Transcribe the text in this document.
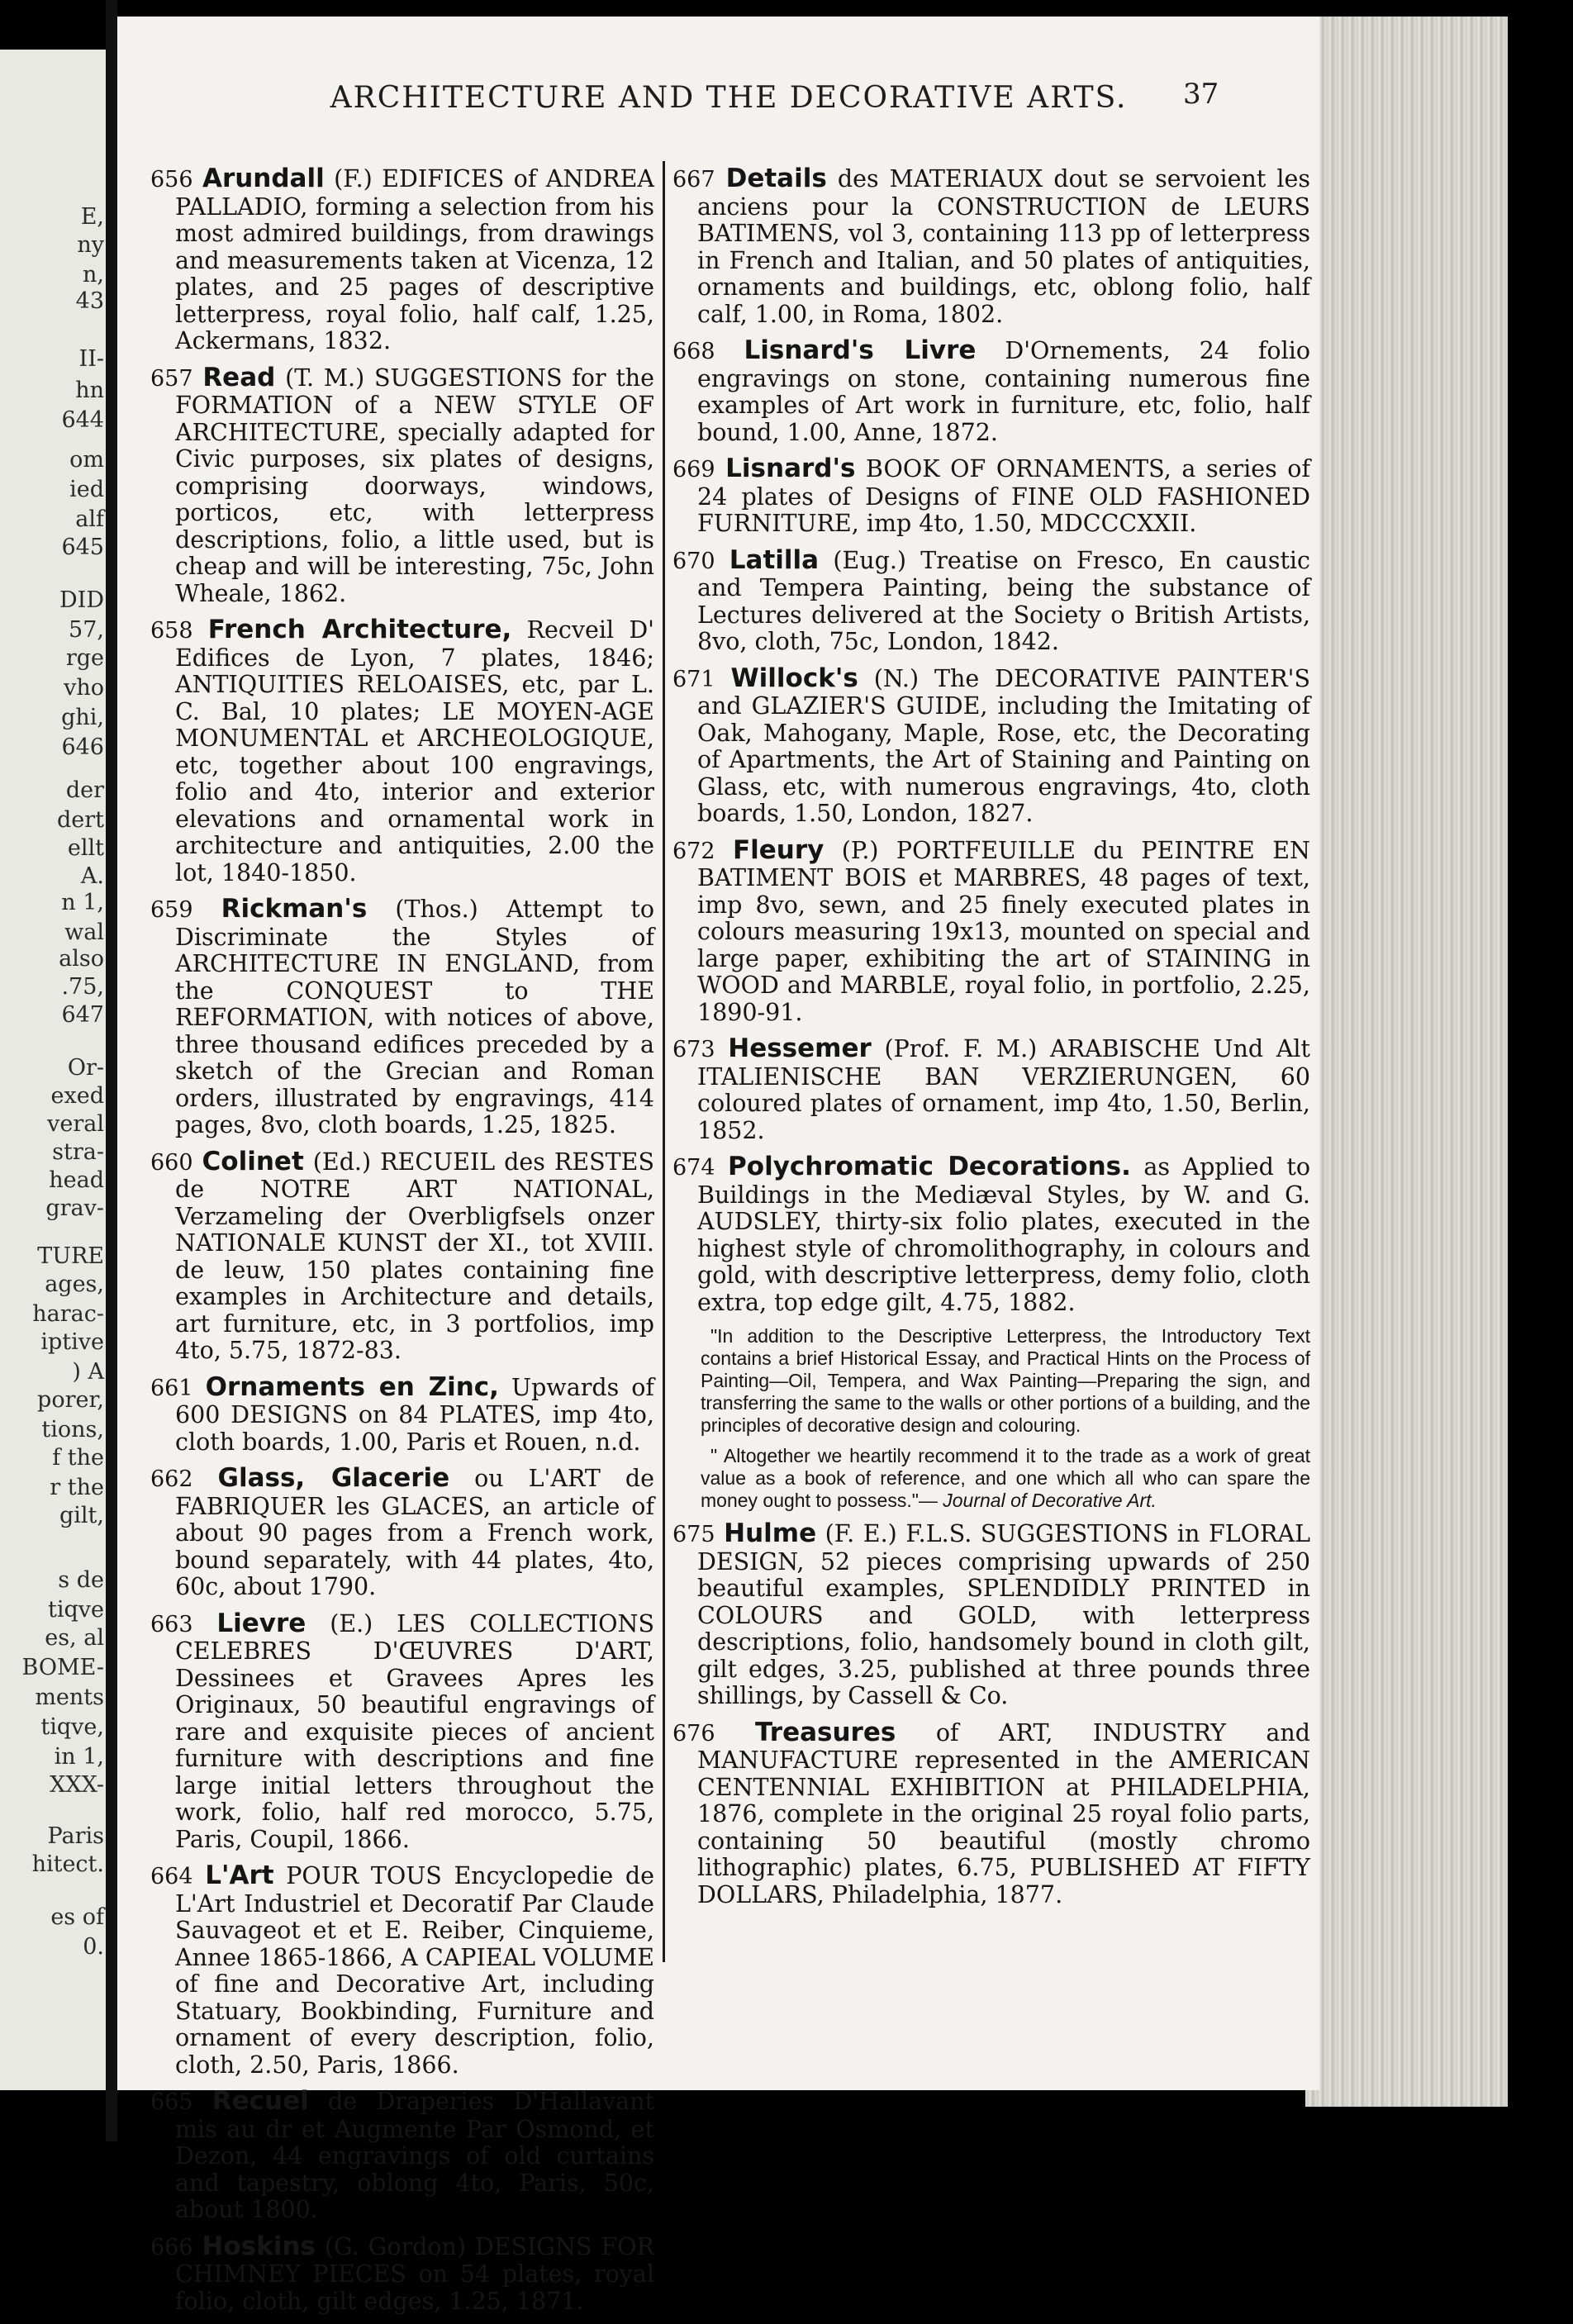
E,
ny
n,
43
II-
hn
644
om
ied
alf
645
DID
57,
rge
vho
ghi,
646
der
dert
ellt
A.
n 1,
wal
also
.75,
647
Or-
exed
veral
stra-
head
grav-
TURE
ages,
harac-
iptive
) A
porer,
tions,
f the
r the
gilt,
s de
tiqve
es, al
BOME-
ments
tiqve,
in 1,
XXX-
Paris
hitect.
es of
0.
ARCHITECTURE AND THE DECORATIVE ARTS.	37

656 Arundall (F.) EDIFICES of ANDREA PALLADIO, forming a selection from his most admired buildings, from drawings and measurements taken at Vicenza, 12 plates, and 25 pages of descriptive letterpress, royal folio, half calf, 1.25, Ackermans, 1832.

657 Read (T. M.) SUGGESTIONS for the FORMATION of a NEW STYLE OF ARCHITECTURE, specially adapted for Civic purposes, six plates of designs, comprising doorways, windows, porticos, etc, with letterpress descriptions, folio, a little used, but is cheap and will be interesting, 75c, John Wheale, 1862.

658 French Architecture, Recveil D' Edifices de Lyon, 7 plates, 1846; ANTIQUITIES RELOAISES, etc, par L. C. Bal, 10 plates; LE MOYEN-AGE MONUMENTAL et ARCHEOLOGIQUE, etc, together about 100 engravings, folio and 4to, interior and exterior elevations and ornamental work in architecture and antiquities, 2.00 the lot, 1840-1850.

659 Rickman's (Thos.) Attempt to Discriminate the Styles of ARCHITECTURE IN ENGLAND, from the CONQUEST to THE REFORMATION, with notices of above, three thousand edifices preceded by a sketch of the Grecian and Roman orders, illustrated by engravings, 414 pages, 8vo, cloth boards, 1.25, 1825.

660 Colinet (Ed.) RECUEIL des RESTES de NOTRE ART NATIONAL, Verzameling der Overbligfsels onzer NATIONALE KUNST der XI., tot XVIII. de leuw, 150 plates containing fine examples in Architecture and details, art furniture, etc, in 3 portfolios, imp 4to, 5.75, 1872-83.

661 Ornaments en Zinc, Upwards of 600 DESIGNS on 84 PLATES, imp 4to, cloth boards, 1.00, Paris et Rouen, n.d.

662 Glass, Glacerie ou L'ART de FABRIQUER les GLACES, an article of about 90 pages from a French work, bound separately, with 44 plates, 4to, 60c, about 1790.

663 Lievre (E.) LES COLLECTIONS CELEBRES D'ŒUVRES D'ART, Dessinees et Gravees Apres les Originaux, 50 beautiful engravings of rare and exquisite pieces of ancient furniture with descriptions and fine large initial letters throughout the work, folio, half red morocco, 5.75, Paris, Coupil, 1866.

664 L'Art POUR TOUS Encyclopedie de L'Art Industriel et Decoratif Par Claude Sauvageot et et E. Reiber, Cinquieme, Annee 1865-1866, A CAPIEAL VOLUME of fine and Decorative Art, including Statuary, Bookbinding, Furniture and ornament of every description, folio, cloth, 2.50, Paris, 1866.

665 Recuel de Draperies D'Hallavant mis au dr et Augmente Par Osmond, et Dezon, 44 engravings of old curtains and tapestry, oblong 4to, Paris, 50c, about 1800.

666 Hoskins (G. Gordon) DESIGNS FOR CHIMNEY PIECES on 54 plates, royal folio, cloth, gilt edges, 1.25, 1871.

667 Details des MATERIAUX dout se servoient les anciens pour la CONSTRUCTION de LEURS BATIMENS, vol 3, containing 113 pp of letterpress in French and Italian, and 50 plates of antiquities, ornaments and buildings, etc, oblong folio, half calf, 1.00, in Roma, 1802.

668 Lisnard's Livre D'Ornements, 24 folio engravings on stone, containing numerous fine examples of Art work in furniture, etc, folio, half bound, 1.00, Anne, 1872.

669 Lisnard's BOOK OF ORNAMENTS, a series of 24 plates of Designs of FINE OLD FASHIONED FURNITURE, imp 4to, 1.50, MDCCCXXII.

670 Latilla (Eug.) Treatise on Fresco, En caustic and Tempera Painting, being the substance of Lectures delivered at the Society o British Artists, 8vo, cloth, 75c, London, 1842.

671 Willock's (N.) The DECORATIVE PAINTER'S and GLAZIER'S GUIDE, including the Imitating of Oak, Mahogany, Maple, Rose, etc, the Decorating of Apartments, the Art of Staining and Painting on Glass, etc, with numerous engravings, 4to, cloth boards, 1.50, London, 1827.

672 Fleury (P.) PORTFEUILLE du PEINTRE EN BATIMENT BOIS et MARBRES, 48 pages of text, imp 8vo, sewn, and 25 finely executed plates in colours measuring 19x13, mounted on special and large paper, exhibiting the art of STAINING in WOOD and MARBLE, royal folio, in portfolio, 2.25, 1890-91.

673 Hessemer (Prof. F. M.) ARABISCHE Und Alt ITALIENISCHE BAN VERZIERUNGEN, 60 coloured plates of ornament, imp 4to, 1.50, Berlin, 1852.

674 Polychromatic Decorations. as Applied to Buildings in the Mediæval Styles, by W. and G. AUDSLEY, thirty-six folio plates, executed in the highest style of chromolithography, in colours and gold, with descriptive letterpress, demy folio, cloth extra, top edge gilt, 4.75, 1882.

"In addition to the Descriptive Letterpress, the Introductory Text contains a brief Historical Essay, and Practical Hints on the Process of Painting—Oil, Tempera, and Wax Painting—Preparing the sign, and transferring the same to the walls or other portions of a building, and the principles of decorative design and colouring.

" Altogether we heartily recommend it to the trade as a work of great value as a book of reference, and one which all who can spare the money ought to possess."— Journal of Decorative Art.

675 Hulme (F. E.) F.L.S. SUGGESTIONS in FLORAL DESIGN, 52 pieces comprising upwards of 250 beautiful examples, SPLENDIDLY PRINTED in COLOURS and GOLD, with letterpress descriptions, folio, handsomely bound in cloth gilt, gilt edges, 3.25, published at three pounds three shillings, by Cassell & Co.

676 Treasures of ART, INDUSTRY and MANUFACTURE represented in the AMERICAN CENTENNIAL EXHIBITION at PHILADELPHIA, 1876, complete in the original 25 royal folio parts, containing 50 beautiful (mostly chromo lithographic) plates, 6.75, PUBLISHED AT FIFTY DOLLARS, Philadelphia, 1877.
